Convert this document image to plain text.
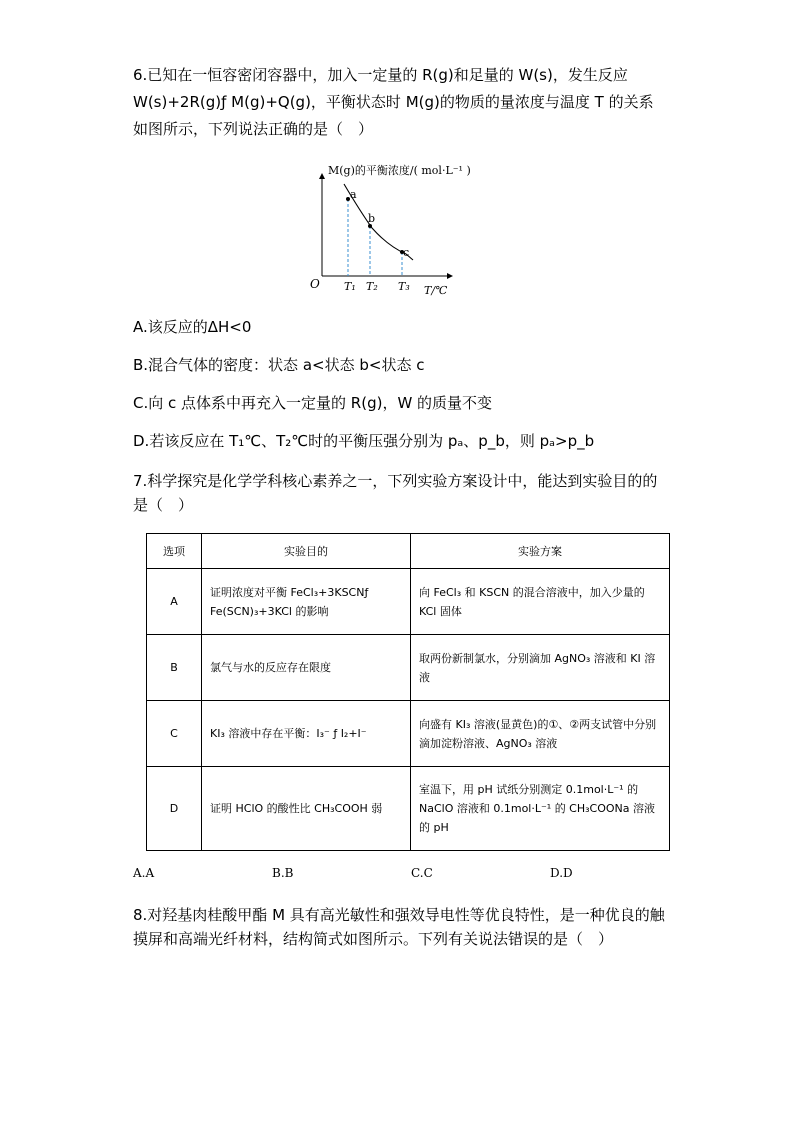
6.已知在一恒容密闭容器中，加入一定量的 R(g)和足量的 W(s)，发生反应
W(s)+2R(g)ƒ M(g)+Q(g)，平衡状态时 M(g)的物质的量浓度与温度 T 的关系
如图所示，下列说法正确的是（　）
M(g)的平衡浓度/( mol·L⁻¹ )
O	T/℃
a
b
c
T₁ T₂ T₃
A.该反应的ΔH<0
B.混合气体的密度：状态 a<状态 b<状态 c
C.向 c 点体系中再充入一定量的 R(g)，W 的质量不变
D.若该反应在 T₁℃、T₂℃时的平衡压强分别为 pₐ、p_b，则 pₐ>p_b
7.科学探究是化学学科核心素养之一，下列实验方案设计中，能达到实验目的的
是（　）
选项	实验目的	实验方案
A	证明浓度对平衡 FeCl₃+3KSCNƒ Fe(SCN)₃+3KCl 的影响	向 FeCl₃ 和 KSCN 的混合溶液中，加入少量的 KCl 固体
B	氯气与水的反应存在限度	取两份新制氯水，分别滴加 AgNO₃ 溶液和 KI 溶液
C	KI₃ 溶液中存在平衡：I₃⁻ ƒ I₂+I⁻	向盛有 KI₃ 溶液(显黄色)的①、②两支试管中分别滴加淀粉溶液、AgNO₃ 溶液
D	证明 HClO 的酸性比 CH₃COOH 弱	室温下，用 pH 试纸分别测定 0.1mol·L⁻¹ 的 NaClO 溶液和 0.1mol·L⁻¹ 的 CH₃COONa 溶液的 pH
A.A	B.B	C.C	D.D
8.对羟基肉桂酸甲酯 M 具有高光敏性和强效导电性等优良特性，是一种优良的触
摸屏和高端光纤材料，结构简式如图所示。下列有关说法错误的是（　）
